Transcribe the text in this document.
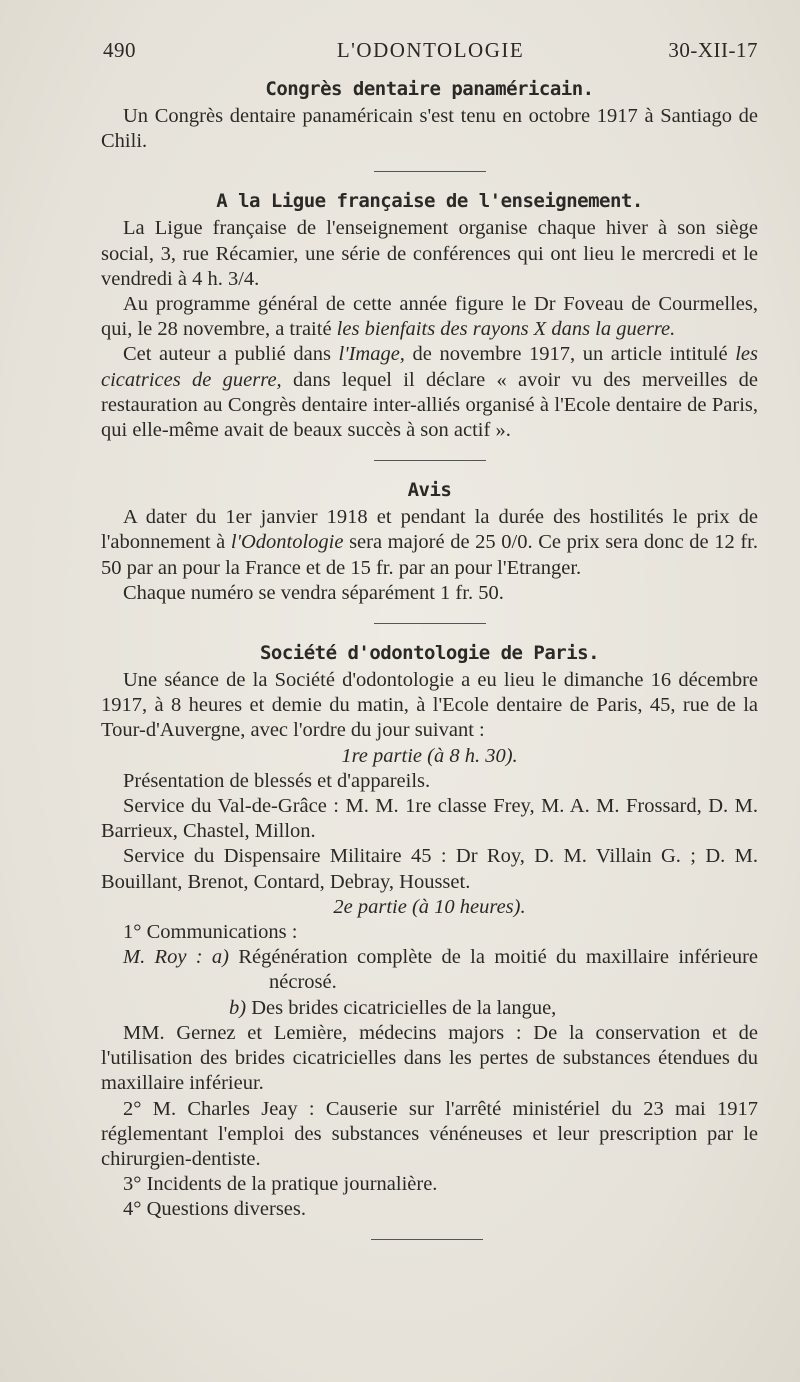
490	L'ODONTOLOGIE	30-XII-17
Congrès dentaire panaméricain.

Un Congrès dentaire panaméricain s'est tenu en octobre 1917 à Santiago de Chili.

A la Ligue française de l'enseignement.

La Ligue française de l'enseignement organise chaque hiver à son siège social, 3, rue Récamier, une série de conférences qui ont lieu le mercredi et le vendredi à 4 h. 3/4.

Au programme général de cette année figure le Dr Foveau de Courmelles, qui, le 28 novembre, a traité les bienfaits des rayons X dans la guerre.

Cet auteur a publié dans l'Image, de novembre 1917, un article intitulé les cicatrices de guerre, dans lequel il déclare « avoir vu des merveilles de restauration au Congrès dentaire inter-alliés organisé à l'Ecole dentaire de Paris, qui elle-même avait de beaux succès à son actif ».

Avis

A dater du 1er janvier 1918 et pendant la durée des hostilités le prix de l'abonnement à l'Odontologie sera majoré de 25 0/0. Ce prix sera donc de 12 fr. 50 par an pour la France et de 15 fr. par an pour l'Etranger.

Chaque numéro se vendra séparément 1 fr. 50.

Société d'odontologie de Paris.

Une séance de la Société d'odontologie a eu lieu le dimanche 16 décembre 1917, à 8 heures et demie du matin, à l'Ecole dentaire de Paris, 45, rue de la Tour-d'Auvergne, avec l'ordre du jour suivant :

1re partie (à 8 h. 30).

Présentation de blessés et d'appareils.

Service du Val-de-Grâce : M. M. 1re classe Frey, M. A. M. Frossard, D. M. Barrieux, Chastel, Millon.

Service du Dispensaire Militaire 45 : Dr Roy, D. M. Villain G. ; D. M. Bouillant, Brenot, Contard, Debray, Housset.

2e partie (à 10 heures).

1° Communications :

M. Roy : a) Régénération complète de la moitié du maxillaire inférieure nécrosé.

b) Des brides cicatricielles de la langue,

MM. Gernez et Lemière, médecins majors : De la conservation et de l'utilisation des brides cicatricielles dans les pertes de substances étendues du maxillaire inférieur.

2° M. Charles Jeay : Causerie sur l'arrêté ministériel du 23 mai 1917 réglementant l'emploi des substances vénéneuses et leur prescription par le chirurgien-dentiste.

3° Incidents de la pratique journalière.

4° Questions diverses.
